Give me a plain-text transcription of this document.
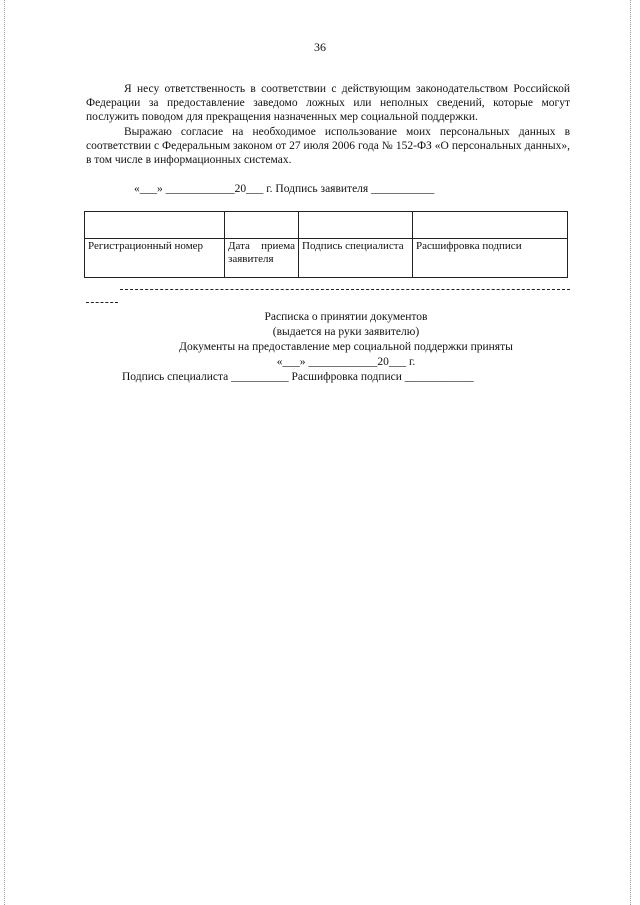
36

Я несу ответственность в соответствии с действующим законодательством Российской Федерации за предоставление заведомо ложных или неполных сведений, которые могут послужить поводом для прекращения назначенных мер социальной поддержки.

Выражаю согласие на необходимое использование моих персональных данных в соответствии с Федеральным законом от 27 июля 2006 года № 152-ФЗ «О персональных данных», в том числе в информационных системах.

«___» ____________20___ г. Подпись заявителя ___________

Регистрационный номер	Дата приема заявителя	Подпись специалиста	Расшифровка подписи

Расписка о принятии документов

(выдается на руки заявителю)

Документы на предоставление мер социальной поддержки приняты

«___» ____________20___ г.

Подпись специалиста __________ Расшифровка подписи ____________
